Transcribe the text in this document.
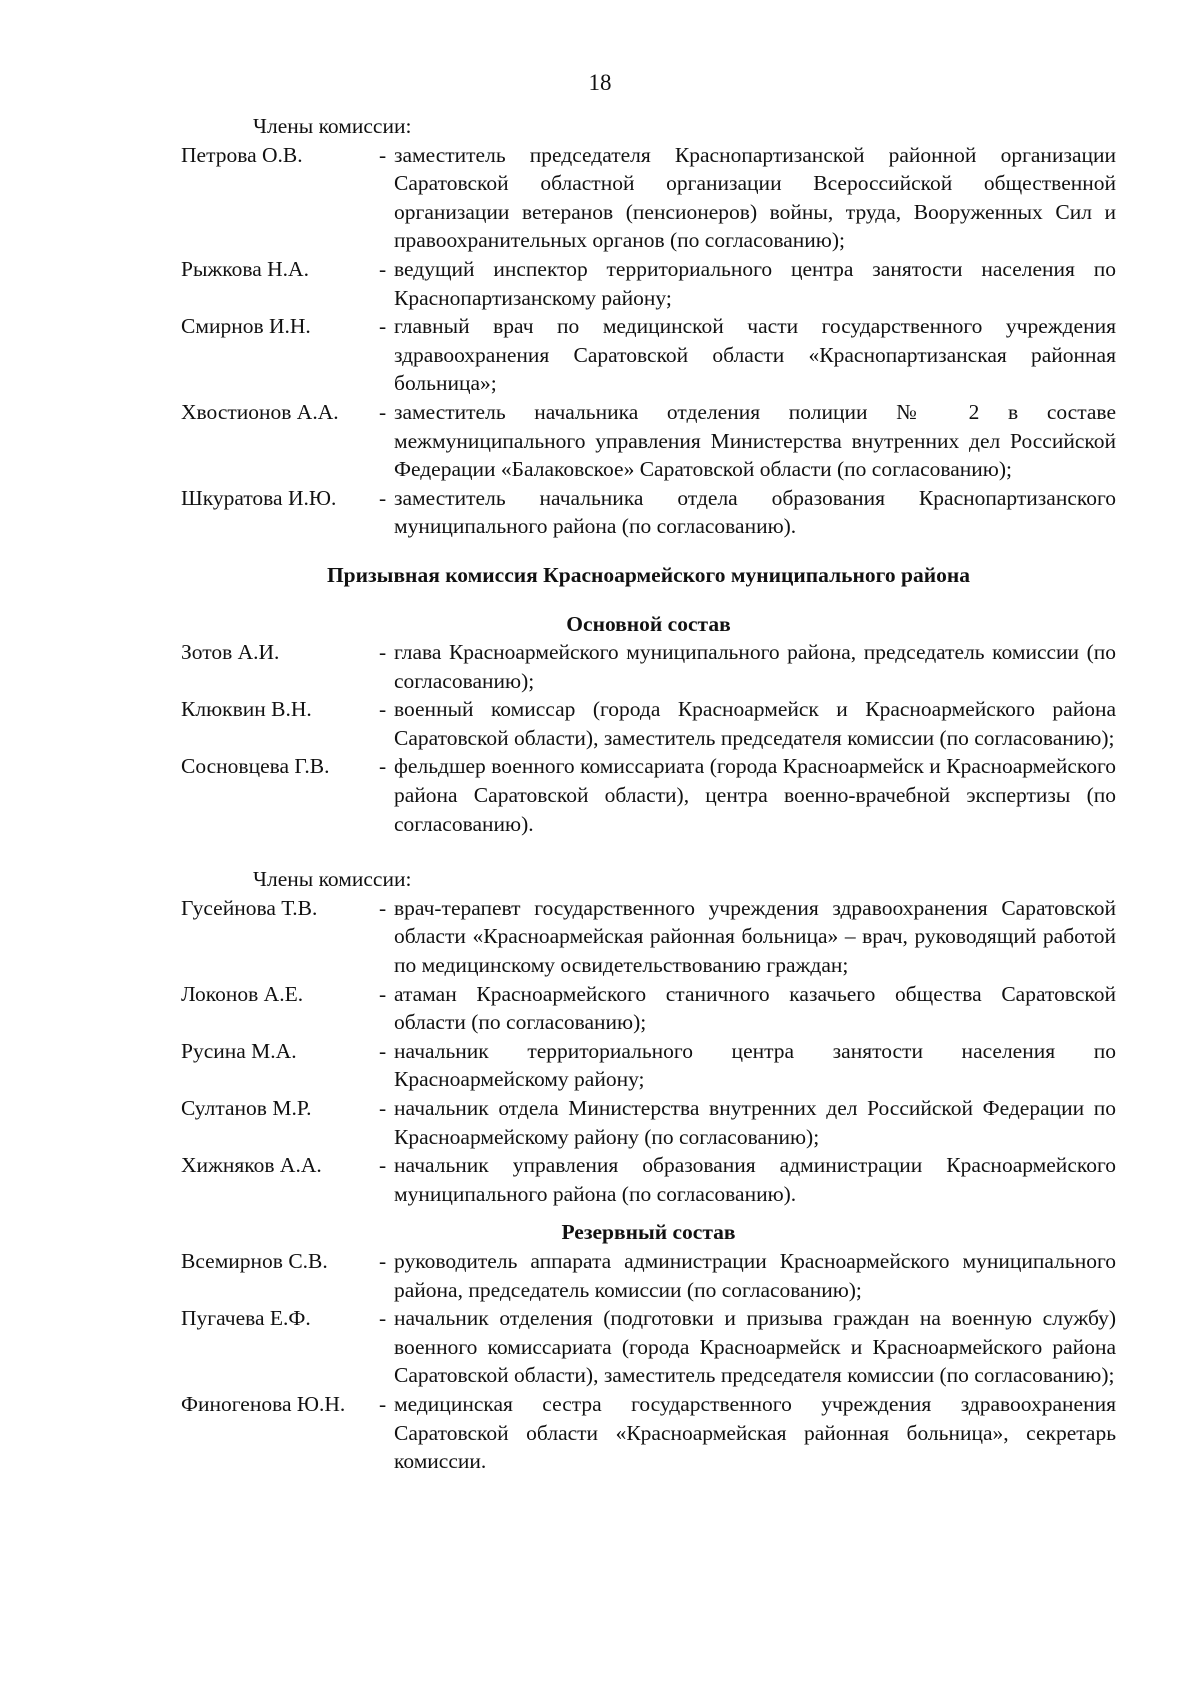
18
Члены комиссии:
Петрова О.В.	- заместитель председателя Краснопартизанской районной организации Саратовской областной организации Всероссийской общественной организации ветеранов (пенсионеров) войны, труда, Вооруженных Сил и правоохранительных органов (по согласованию);
Рыжкова Н.А.	- ведущий инспектор территориального центра занятости населения по Краснопартизанскому району;
Смирнов И.Н.	- главный врач по медицинской части государственного учреждения здравоохранения Саратовской области «Краснопартизанская районная больница»;
Хвостионов А.А.	- заместитель начальника отделения полиции № 2 в составе межмуниципального управления Министерства внутренних дел Российской Федерации «Балаковское» Саратовской области (по согласованию);
Шкуратова И.Ю.	- заместитель начальника отдела образования Краснопартизанского муниципального района (по согласованию).
Призывная комиссия Красноармейского муниципального района
Основной состав
Зотов А.И.	- глава Красноармейского муниципального района, председатель комиссии (по согласованию);
Клюквин В.Н.	- военный комиссар (города Красноармейск и Красноармейского района Саратовской области), заместитель председателя комиссии (по согласованию);
Сосновцева Г.В.	- фельдшер военного комиссариата (города Красноармейск и Красноармейского района Саратовской области), центра военно-врачебной экспертизы (по согласованию).
Члены комиссии:
Гусейнова Т.В.	- врач-терапевт государственного учреждения здравоохранения Саратовской области «Красноармейская районная больница» – врач, руководящий работой по медицинскому освидетельствованию граждан;
Локонов А.Е.	- атаман Красноармейского станичного казачьего общества Саратовской области (по согласованию);
Русина М.А.	- начальник территориального центра занятости населения по Красноармейскому району;
Султанов М.Р.	- начальник отдела Министерства внутренних дел Российской Федерации по Красноармейскому району (по согласованию);
Хижняков А.А.	- начальник управления образования администрации Красноармейского муниципального района (по согласованию).
Резервный состав
Всемирнов С.В.	- руководитель аппарата администрации Красноармейского муниципального района, председатель комиссии (по согласованию);
Пугачева Е.Ф.	- начальник отделения (подготовки и призыва граждан на военную службу) военного комиссариата (города Красноармейск и Красноармейского района Саратовской области), заместитель председателя комиссии (по согласованию);
Финогенова Ю.Н.	- медицинская сестра государственного учреждения здравоохранения Саратовской области «Красноармейская районная больница», секретарь комиссии.
